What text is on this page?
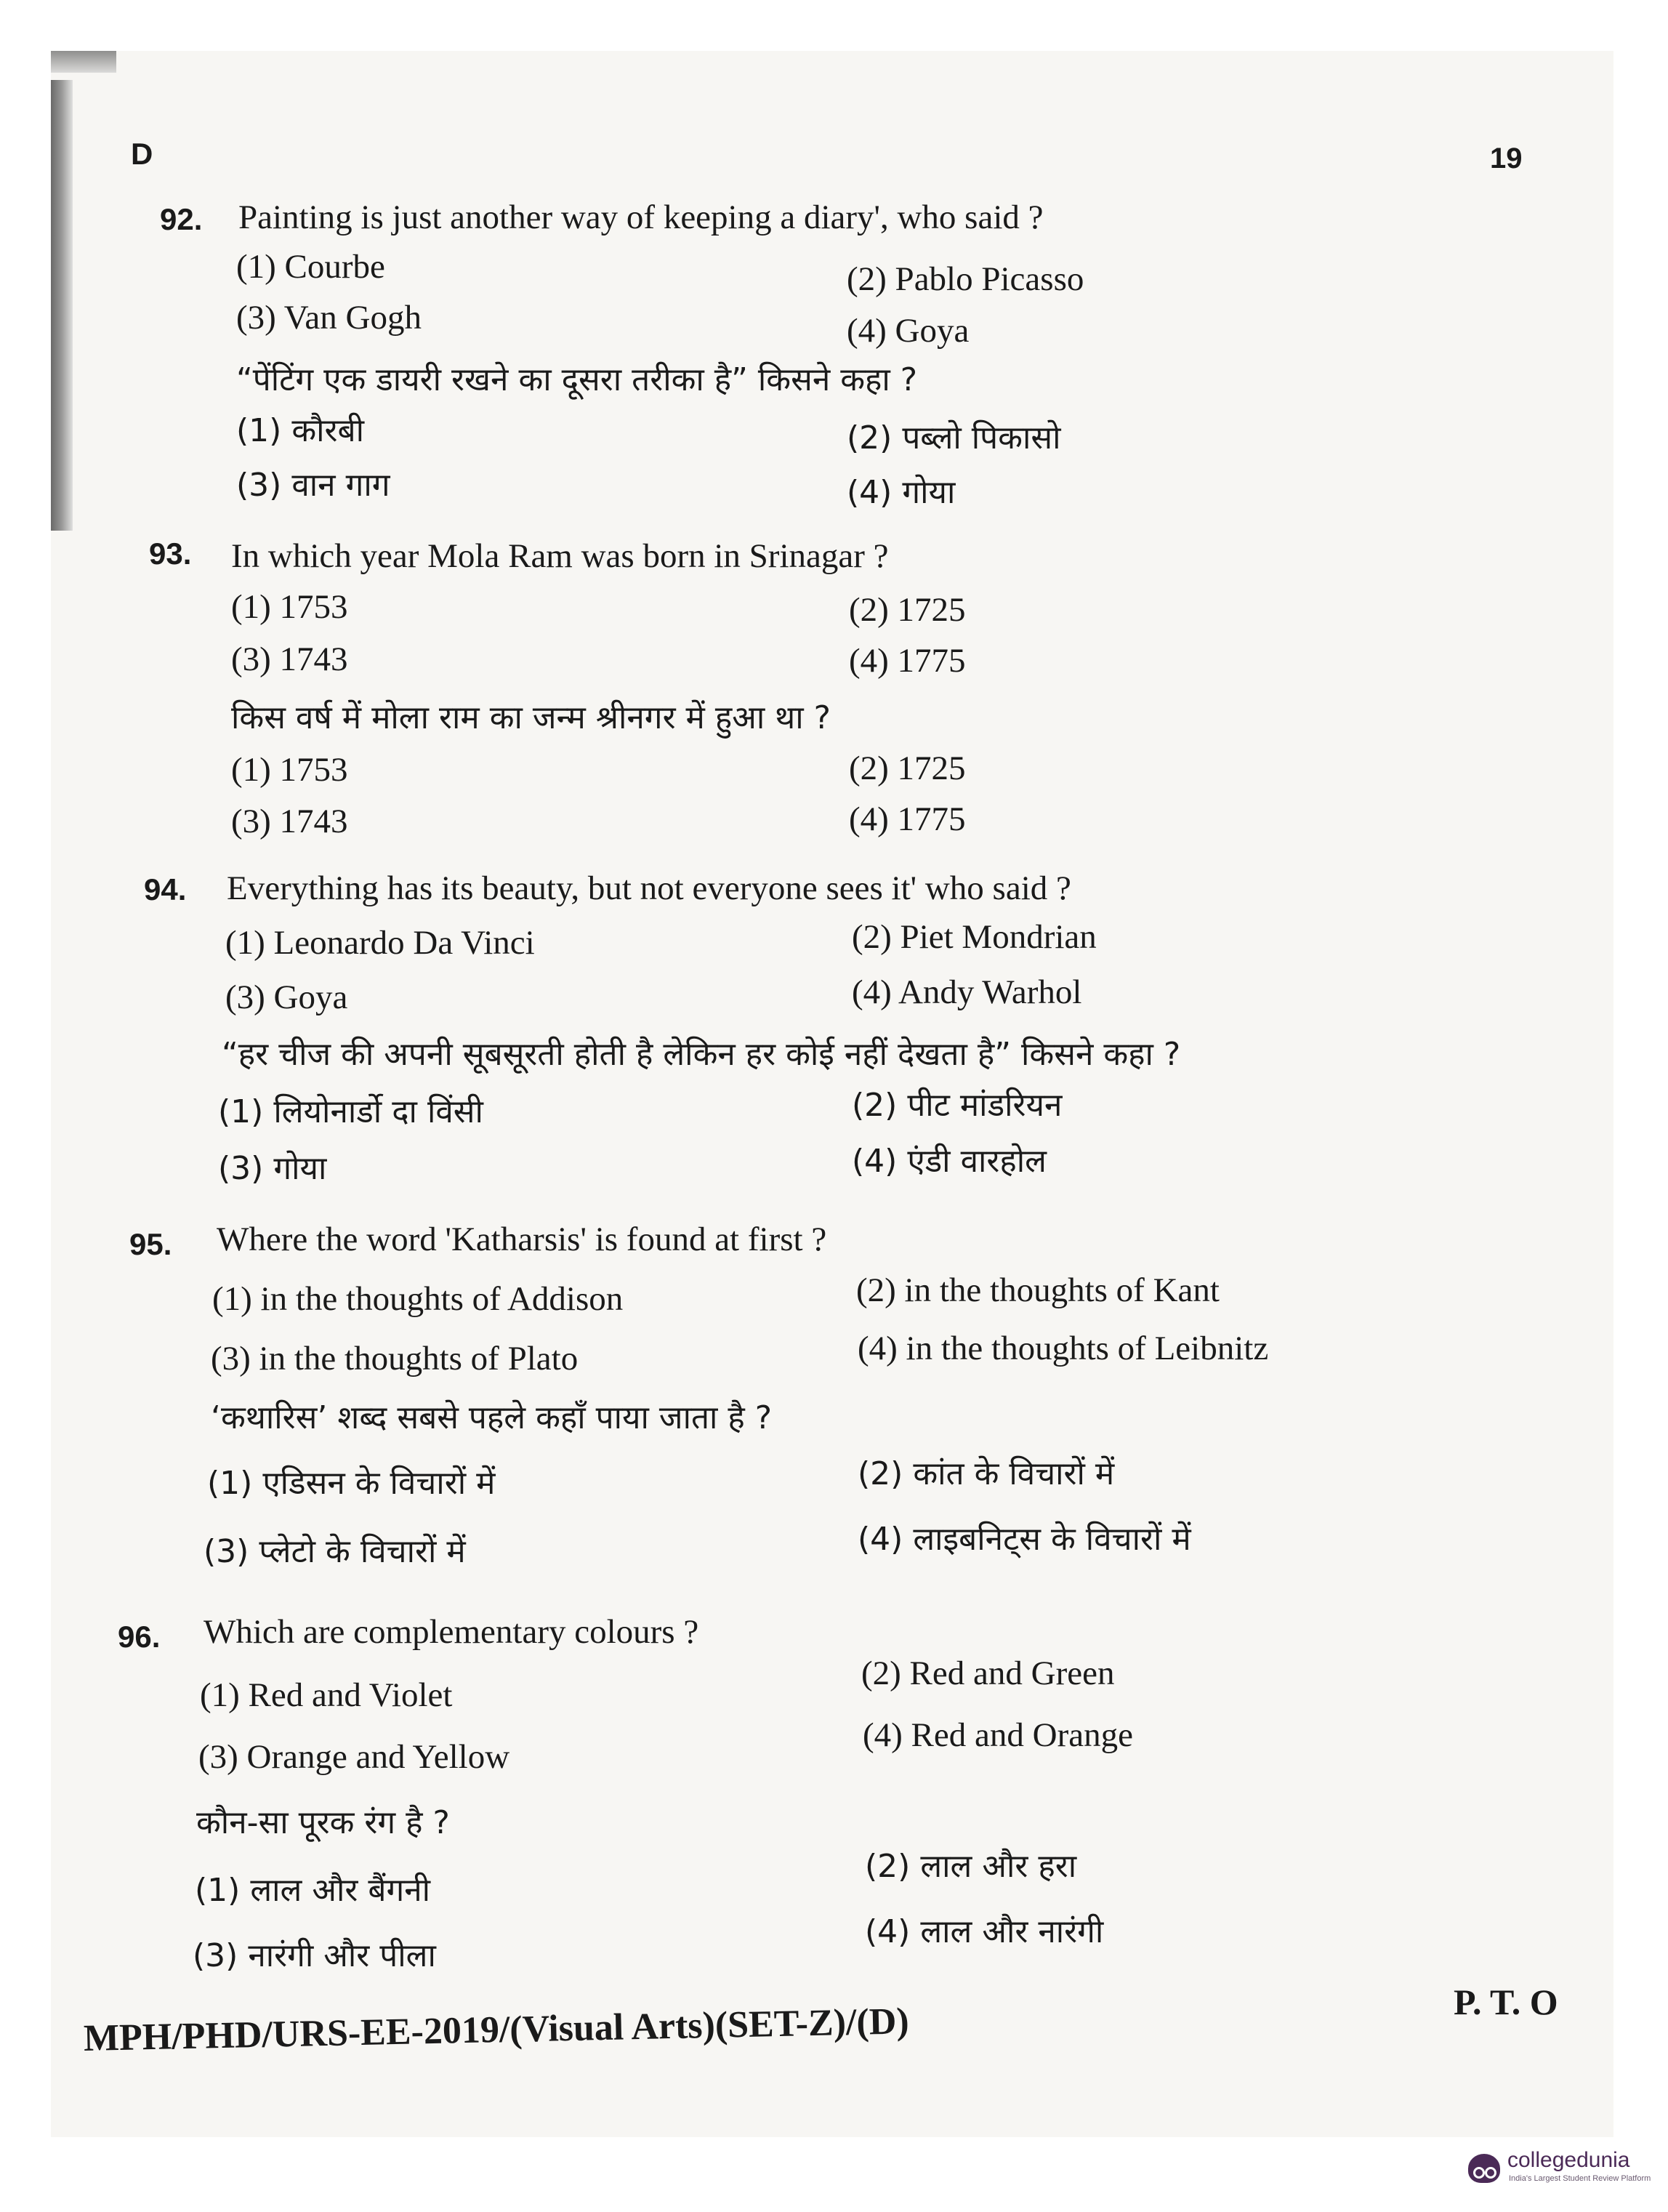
D	19
92. Painting is just another way of keeping a diary', who said ?
(1) Courbe	(2) Pablo Picasso
(3) Van Gogh	(4) Goya
“पेंटिंग एक डायरी रखने का दूसरा तरीका है” किसने कहा ?
(1) कौरबी	(2) पब्लो पिकासो
(3) वान गाग	(4) गोया
93. In which year Mola Ram was born in Srinagar ?
(1) 1753	(2) 1725
(3) 1743	(4) 1775
किस वर्ष में मोला राम का जन्म श्रीनगर में हुआ था ?
(1) 1753	(2) 1725
(3) 1743	(4) 1775
94. Everything has its beauty, but not everyone sees it' who said ?
(1) Leonardo Da Vinci	(2) Piet Mondrian
(3) Goya	(4) Andy Warhol
“हर चीज की अपनी सूबसूरती होती है लेकिन हर कोई नहीं देखता है” किसने कहा ?
(1) लियोनार्डो दा विंसी	(2) पीट मांडरियन
(3) गोया	(4) एंडी वारहोल
95. Where the word 'Katharsis' is found at first ?
(1) in the thoughts of Addison	(2) in the thoughts of Kant
(3) in the thoughts of Plato	(4) in the thoughts of Leibnitz
‘कथारिस’ शब्द सबसे पहले कहाँ पाया जाता है ?
(1) एडिसन के विचारों में	(2) कांत के विचारों में
(3) प्लेटो के विचारों में	(4) लाइबनिट्स के विचारों में
96. Which are complementary colours ?
(1) Red and Violet
(2) Red and Green
(3) Orange and Yellow
(4) Red and Orange
कौन-सा पूरक रंग है ?
(1) लाल और बैंगनी
(2) लाल और हरा
(3) नारंगी और पीला
(4) लाल और नारंगी
MPH/PHD/URS-EE-2019/(Visual Arts)(SET-Z)/(D)	P. T. O
collegedunia
India's Largest Student Review Platform
